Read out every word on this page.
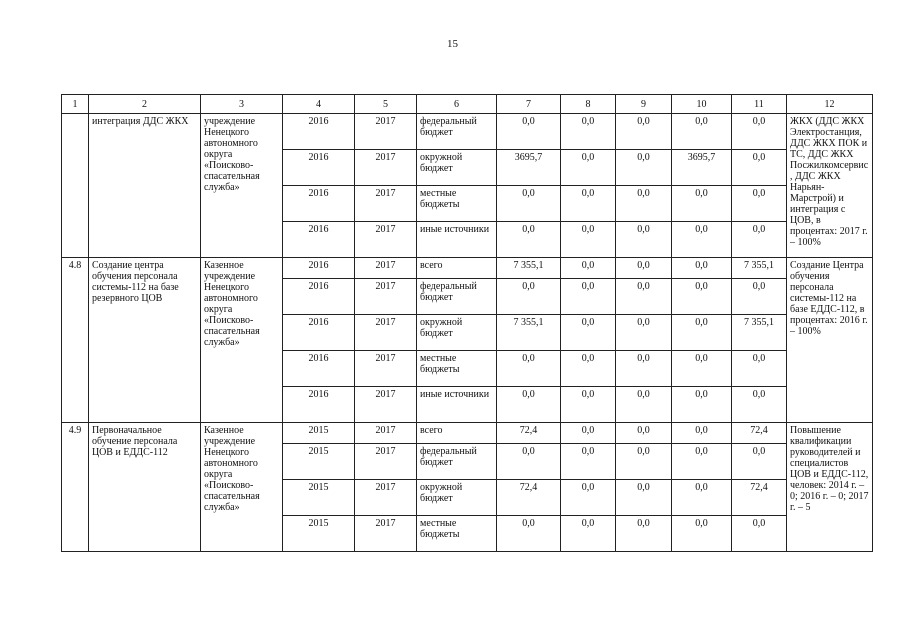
15
1	2	3	4	5	6	7	8	9	10	11	12
	интеграция ДДС ЖКХ	учреждение Ненецкого автономного округа «Поисково-спасательная служба»	2016	2017	федеральный бюджет	0,0	0,0	0,0	0,0	0,0	ЖКХ (ДДС ЖКХ Электростанция, ДДС ЖКХ ПОК и ТС, ДДС ЖКХ Посжилкомсервис, ДДС ЖКХ Нарьян-Марстрой) и интеграция с ЦОВ, в процентах: 2017 г. – 100%
			2016	2017	окружной бюджет	3695,7	0,0	0,0	3695,7	0,0	
			2016	2017	местные бюджеты	0,0	0,0	0,0	0,0	0,0	
			2016	2017	иные источники	0,0	0,0	0,0	0,0	0,0	
4.8	Создание центра обучения персонала системы-112 на базе резервного ЦОВ	Казенное учреждение Ненецкого автономного округа «Поисково-спасательная служба»	2016	2017	всего	7 355,1	0,0	0,0	0,0	7 355,1	Создание Центра обучения персонала системы-112 на базе ЕДДС-112, в процентах: 2016 г. – 100%
			2016	2017	федеральный бюджет	0,0	0,0	0,0	0,0	0,0	
			2016	2017	окружной бюджет	7 355,1	0,0	0,0	0,0	7 355,1	
			2016	2017	местные бюджеты	0,0	0,0	0,0	0,0	0,0	
			2016	2017	иные источники	0,0	0,0	0,0	0,0	0,0	
4.9	Первоначальное обучение персонала ЦОВ и ЕДДС-112	Казенное учреждение Ненецкого автономного округа «Поисково-спасательная служба»	2015	2017	всего	72,4	0,0	0,0	0,0	72,4	Повышение квалификации руководителей и специалистов ЦОВ и ЕДДС-112, человек: 2014 г. – 0; 2016 г. – 0; 2017 г. – 5
			2015	2017	федеральный бюджет	0,0	0,0	0,0	0,0	0,0	
			2015	2017	окружной бюджет	72,4	0,0	0,0	0,0	72,4	
			2015	2017	местные бюджеты	0,0	0,0	0,0	0,0	0,0	
